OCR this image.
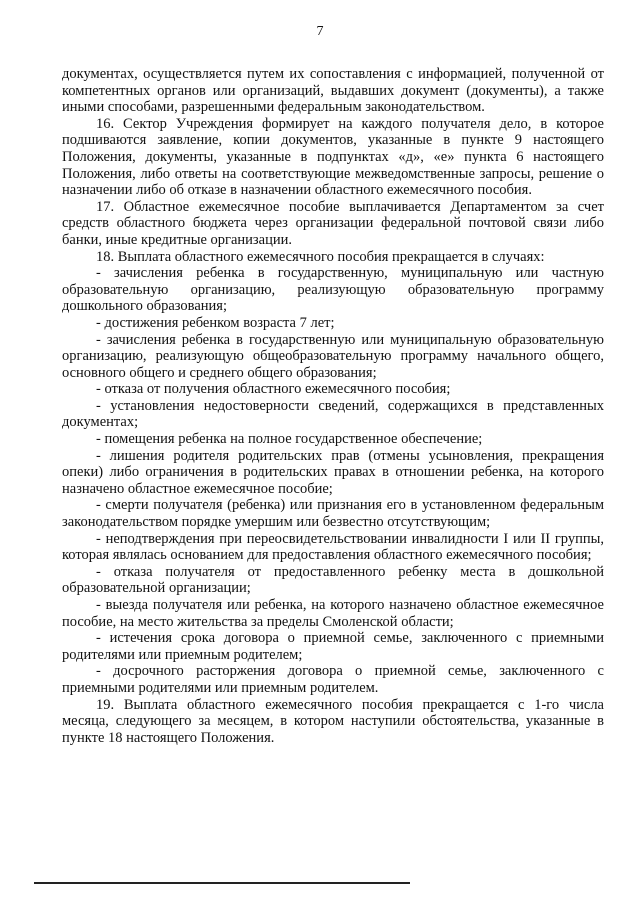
7

документах, осуществляется путем их сопоставления с информацией, полученной от компетентных органов или организаций, выдавших документ (документы), а также иными способами, разрешенными федеральным законодательством.

16. Сектор Учреждения формирует на каждого получателя дело, в которое подшиваются заявление, копии документов, указанные в пункте 9 настоящего Положения, документы, указанные в подпунктах «д», «е» пункта 6 настоящего Положения, либо ответы на соответствующие межведомственные запросы, решение о назначении либо об отказе в назначении областного ежемесячного пособия.

17. Областное ежемесячное пособие выплачивается Департаментом за счет средств областного бюджета через организации федеральной почтовой связи либо банки, иные кредитные организации.

18. Выплата областного ежемесячного пособия прекращается в случаях:

- зачисления ребенка в государственную, муниципальную или частную образовательную организацию, реализующую образовательную программу дошкольного образования;

- достижения ребенком возраста 7 лет;

- зачисления ребенка в государственную или муниципальную образовательную организацию, реализующую общеобразовательную программу начального общего, основного общего и среднего общего образования;

- отказа от получения областного ежемесячного пособия;

- установления недостоверности сведений, содержащихся в представленных документах;

- помещения ребенка на полное государственное обеспечение;

- лишения родителя родительских прав (отмены усыновления, прекращения опеки) либо ограничения в родительских правах в отношении ребенка, на которого назначено областное ежемесячное пособие;

- смерти получателя (ребенка) или признания его в установленном федеральным законодательством порядке умершим или безвестно отсутствующим;

- неподтверждения при переосвидетельствовании инвалидности I или II группы, которая являлась основанием для предоставления областного ежемесячного пособия;

- отказа получателя от предоставленного ребенку места в дошкольной образовательной организации;

- выезда получателя или ребенка, на которого назначено областное ежемесячное пособие, на место жительства за пределы Смоленской области;

- истечения срока договора о приемной семье, заключенного с приемными родителями или приемным родителем;

- досрочного расторжения договора о приемной семье, заключенного с приемными родителями или приемным родителем.

19. Выплата областного ежемесячного пособия прекращается с 1-го числа месяца, следующего за месяцем, в котором наступили обстоятельства, указанные в пункте 18 настоящего Положения.
